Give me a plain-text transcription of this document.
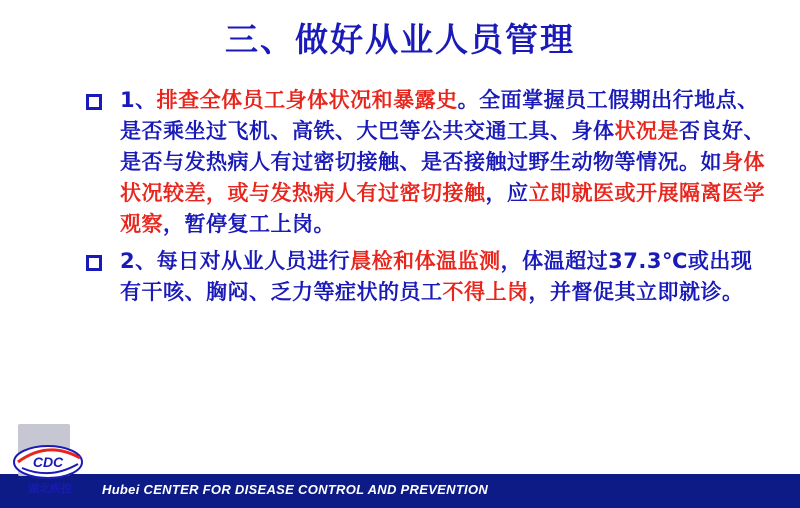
三、做好从业人员管理

1、排查全体员工身体状况和暴露史。全面掌握员工假期出行地点、是否乘坐过飞机、高铁、大巴等公共交通工具、身体状况是否良好、是否与发热病人有过密切接触、是否接触过野生动物等情况。如身体状况较差，或与发热病人有过密切接触，应立即就医或开展隔离医学观察，暂停复工上岗。

2、每日对从业人员进行晨检和体温监测，体温超过37.3℃或出现有干咳、胸闷、乏力等症状的员工不得上岗，并督促其立即就诊。

Hubei CENTER FOR DISEASE CONTROL AND PREVENTION
CDC
湖北疾控
